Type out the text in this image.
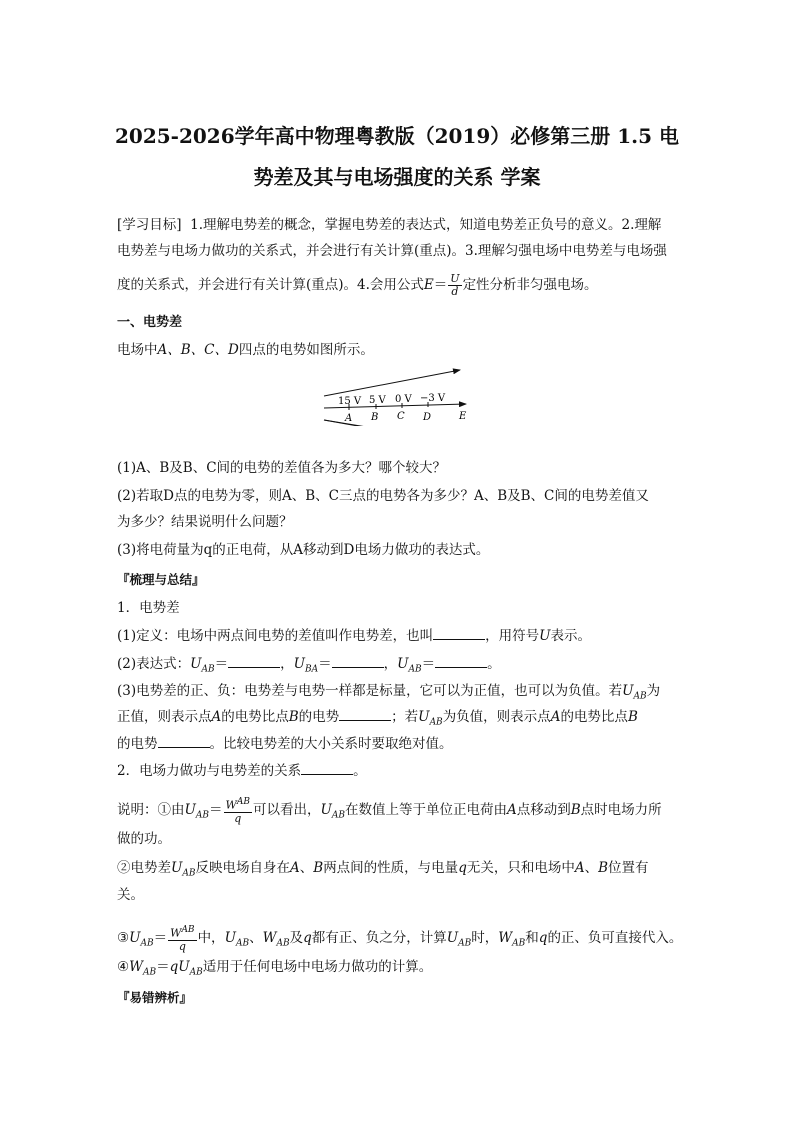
2025-2026学年高中物理粤教版（2019）必修第三册 1.5 电
势差及其与电场强度的关系 学案
[学习目标] 1.理解电势差的概念，掌握电势差的表达式，知道电势差正负号的意义。2.理解
电势差与电场力做功的关系式，并会进行有关计算(重点)。3.理解匀强电场中电势差与电场强
度的关系式，并会进行有关计算(重点)。4.会用公式$E= \frac{U}{d}$ 定性分析非匀强电场。
一、电势差
电场中A、B、C、D四点的电势如图所示。
15 V 5 V 0 V −3 V
A B C D	E
(1)A、B及B、C间的电势的差值各为多大？哪个较大？
(2)若取D点的电势为零，则A、B、C三点的电势各为多少？A、B及B、C间的电势差值又
为多少？结果说明什么问题？
(3)将电荷量为q的正电荷，从A移动到D电场力做功的表达式。
『梳理与总结』
1．电势差
(1)定义：电场中两点间电势的差值叫作电势差，也叫	，用符号U表示。
(2)表达式：$U_{AB}=$	，$U_{BA}=$	，$U_{AB}=$	。
(3)电势差的正、负：电势差与电势一样都是标量，它可以为正值，也可以为负值。若$U_{AB}$为
正值，则表示点A的电势比点B的电势	；若$U_{AB}$为负值，则表示点A的电势比点B
的电势	。比较电势差的大小关系时要取绝对值。
2．电场力做功与电势差的关系	。
说明：①由$U_{AB}= \frac{W^{AB}}{q}$ 可以看出，$U_{AB}$在数值上等于单位正电荷由A点移动到B点时电场力所
做的功。
②电势差$U_{AB}$反映电场自身在A、B两点间的性质，与电量q无关，只和电场中A、B位置有
关。
$③U_{AB}= \frac{W^{AB}}{q}$ 中，$U_{AB}$、$W_{AB}$及q都有正、负之分，计算$U_{AB}$时，$W_{AB}$和q的正、负可直接代入。
$④W_{AB}=qU_{AB}$适用于任何电场中电场力做功的计算。
『易错辨析』
